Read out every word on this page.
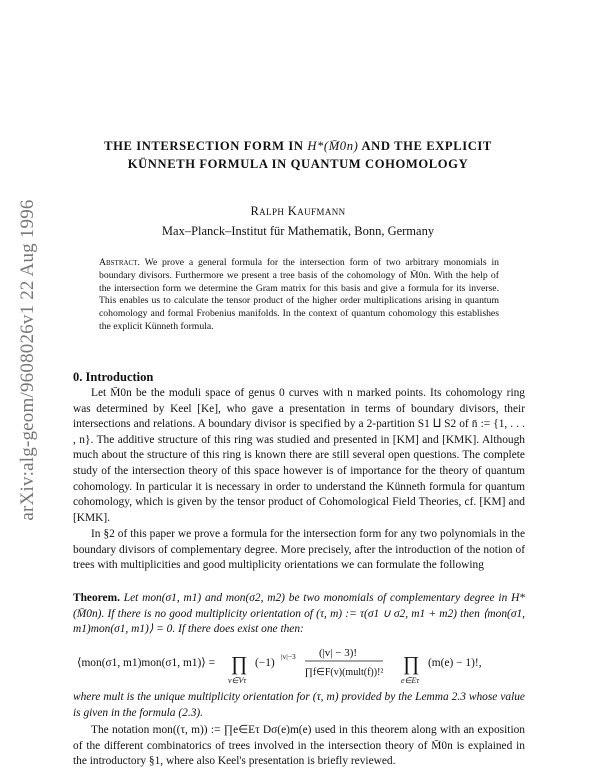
arXiv:alg-geom/9608026v1 22 Aug 1996
THE INTERSECTION FORM IN H*(M̄0n) AND THE EXPLICIT
KÜNNETH FORMULA IN QUANTUM COHOMOLOGY
Ralph Kaufmann
Max–Planck–Institut für Mathematik, Bonn, Germany
Abstract. We prove a general formula for the intersection form of two arbitrary monomials in boundary divisors. Furthermore we present a tree basis of the cohomology of M̄0n. With the help of the intersection form we determine the Gram matrix for this basis and give a formula for its inverse. This enables us to calculate the tensor product of the higher order multiplications arising in quantum cohomology and formal Frobenius manifolds. In the context of quantum cohomology this establishes the explicit Künneth formula.
0. Introduction
Let M̄0n be the moduli space of genus 0 curves with n marked points. Its cohomology ring was determined by Keel [Ke], who gave a presentation in terms of boundary divisors, their intersections and relations. A boundary divisor is specified by a 2-partition S1 ⨿ S2 of n̄ := {1, . . . , n}. The additive structure of this ring was studied and presented in [KM] and [KMK]. Although much about the structure of this ring is known there are still several open questions. The complete study of the intersection theory of this space however is of importance for the theory of quantum cohomology. In particular it is necessary in order to understand the Künneth formula for quantum cohomology, which is given by the tensor product of Cohomological Field Theories, cf. [KM] and [KMK].
In §2 of this paper we prove a formula for the intersection form for any two polynomials in the boundary divisors of complementary degree. More precisely, after the introduction of the notion of trees with multiplicities and good multiplicity orientations we can formulate the following
Theorem. Let mon(σ1, m1) and mon(σ2, m2) be two monomials of complementary degree in H*(M̄0n). If there is no good multiplicity orientation of (τ, m) := τ(σ1 ∪ σ2, m1 + m2) then ⟨mon(σ1, m1)mon(σ1, m1)⟩ = 0. If there does exist one then:
⟨mon(σ1, m1)mon(σ1, m1)⟩ = ∏
v∈Vτ
(−1)
|v|−3 (|v| − 3)!
∏f∈F(v)(mult(f))!² ∏
e∈Eτ
(m(e) − 1)!,
where mult is the unique multiplicity orientation for (τ, m) provided by the Lemma 2.3 whose value is given in the formula (2.3).
The notation mon((τ, m)) := ∏e∈Eτ Dσ(e)m(e) used in this theorem along with an exposition of the different combinatorics of trees involved in the intersection theory of M̄0n is explained in the introductory §1, where also Keel's presentation is briefly reviewed.
